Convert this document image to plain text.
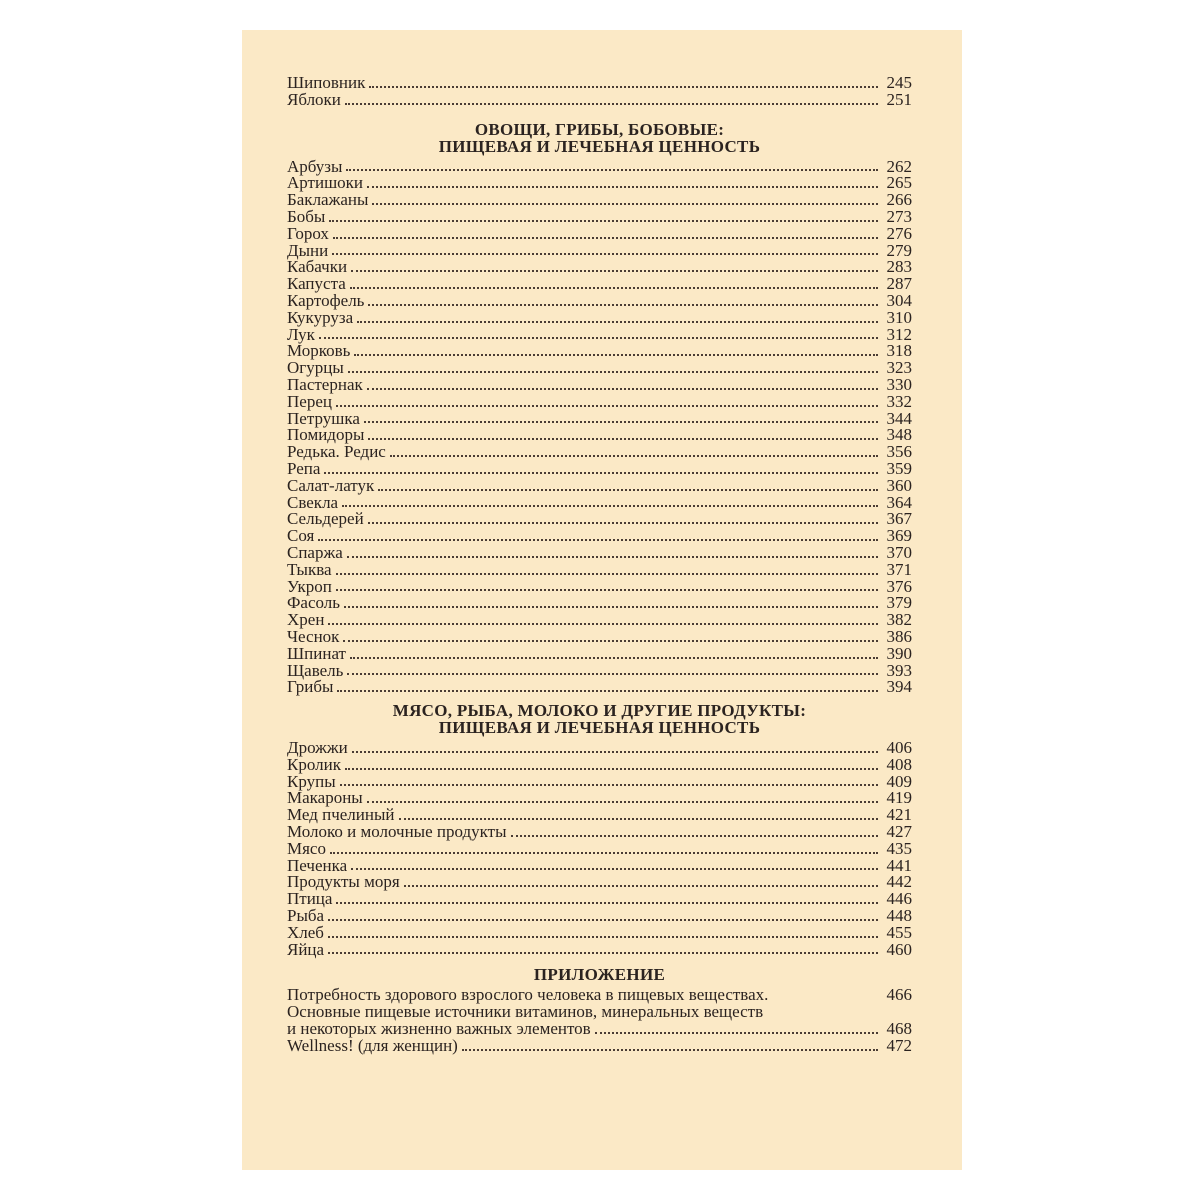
Шиповник	245
Яблоки	251
ОВОЩИ, ГРИБЫ, БОБОВЫЕ:
ПИЩЕВАЯ И ЛЕЧЕБНАЯ ЦЕННОСТЬ
Арбузы	262
Артишоки	265
Баклажаны	266
Бобы	273
Горох	276
Дыни	279
Кабачки	283
Капуста	287
Картофель	304
Кукуруза	310
Лук	312
Морковь	318
Огурцы	323
Пастернак	330
Перец	332
Петрушка	344
Помидоры	348
Редька. Редис	356
Репа	359
Салат-латук	360
Свекла	364
Сельдерей	367
Соя	369
Спаржа	370
Тыква	371
Укроп	376
Фасоль	379
Хрен	382
Чеснок	386
Шпинат	390
Щавель	393
Грибы	394
МЯСО, РЫБА, МОЛОКО И ДРУГИЕ ПРОДУКТЫ:
ПИЩЕВАЯ И ЛЕЧЕБНАЯ ЦЕННОСТЬ
Дрожжи	406
Кролик	408
Крупы	409
Макароны	419
Мед пчелиный	421
Молоко и молочные продукты	427
Мясо	435
Печенка	441
Продукты моря	442
Птица	446
Рыба	448
Хлеб	455
Яйца	460
ПРИЛОЖЕНИЕ
Потребность здорового взрослого человека в пищевых веществах.	466
Основные пищевые источники витаминов, минеральных веществ
и некоторых жизненно важных элементов	468
Wellness! (для женщин)	472
